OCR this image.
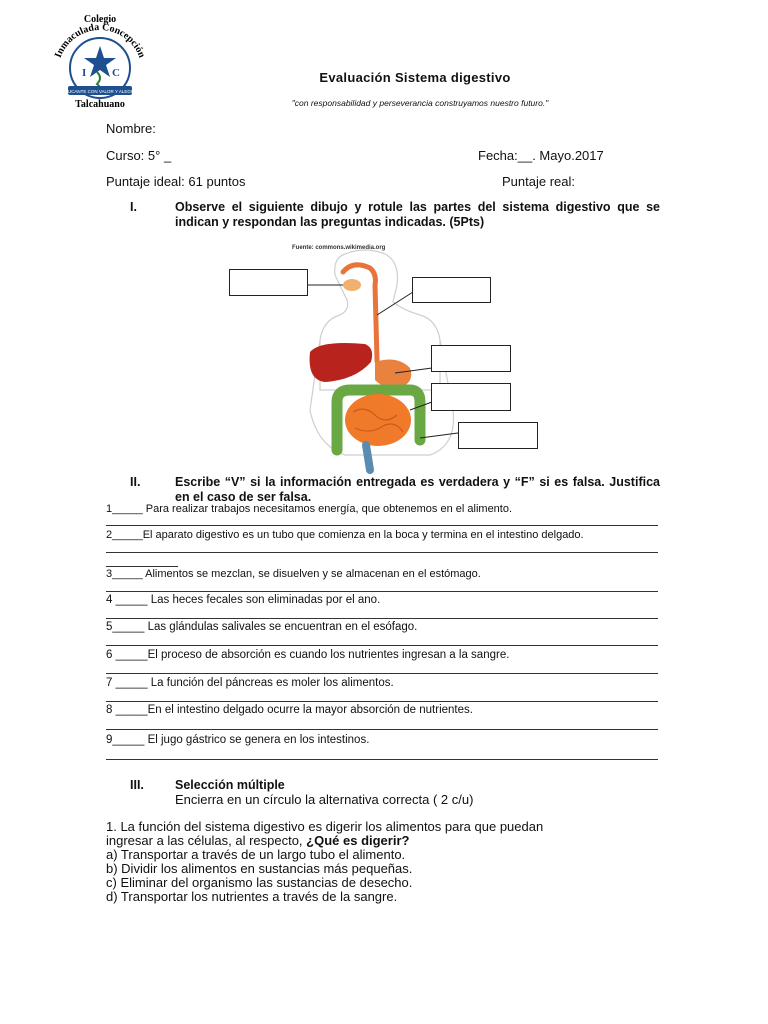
Colegio
Inmaculada Concepción
I C
EDUCANTE CON VALOR Y ALEGRÍA
Talcahuano
Evaluación Sistema digestivo
"con responsabilidad y perseverancia construyamos nuestro futuro."
Nombre:
Curso: 5° _	Fecha:__. Mayo.2017
Puntaje ideal: 61 puntos	Puntaje real:
I.	Observe el siguiente dibujo y rotule las partes del sistema digestivo que se indican y respondan las preguntas indicadas. (5Pts)
Fuente: commons.wikimedia.org
II.	Escribe “V” si la información entregada es verdadera y “F” si es falsa. Justifica en el caso de ser falsa.
1_____ Para realizar trabajos necesitamos energía, que obtenemos en el alimento.
2_____El aparato digestivo es un tubo que comienza en la boca y termina en el intestino delgado.
3_____ Alimentos se mezclan, se disuelven y se almacenan en el estómago.
4 _____ Las heces fecales son eliminadas por el ano.
5_____ Las glándulas salivales se encuentran en el esófago.
6 _____El proceso de absorción es cuando los nutrientes ingresan a la sangre.
7 _____ La función del páncreas es moler los alimentos.
8 _____En el intestino delgado ocurre la mayor absorción de nutrientes.
9_____ El jugo gástrico se genera en los intestinos.
III. Selección múltiple
Encierra en un círculo la alternativa correcta ( 2 c/u)
1. La función del sistema digestivo es digerir los alimentos para que puedan
ingresar a las células, al respecto, ¿Qué es digerir?
a) Transportar a través de un largo tubo el alimento.
b) Dividir los alimentos en sustancias más pequeñas.
c) Eliminar del organismo las sustancias de desecho.
d) Transportar los nutrientes a través de la sangre.
